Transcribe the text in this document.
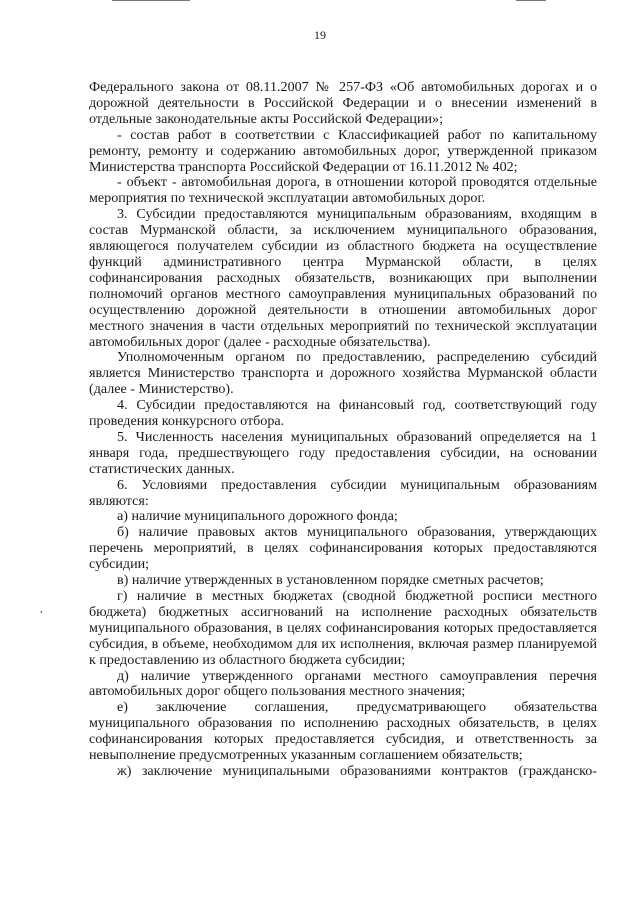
19
,

Федерального закона от 08.11.2007 № 257-ФЗ «Об автомобильных дорогах и о дорожной деятельности в Российской Федерации и о внесении изменений в отдельные законодательные акты Российской Федерации»;

- состав работ в соответствии с Классификацией работ по капитальному ремонту, ремонту и содержанию автомобильных дорог, утвержденной приказом Министерства транспорта Российской Федерации от 16.11.2012 № 402;

- объект - автомобильная дорога, в отношении которой проводятся отдельные мероприятия по технической эксплуатации автомобильных дорог.

3. Субсидии предоставляются муниципальным образованиям, входящим в состав Мурманской области, за исключением муниципального образования, являющегося получателем субсидии из областного бюджета на осуществление функций административного центра Мурманской области, в целях софинансирования расходных обязательств, возникающих при выполнении полномочий органов местного самоуправления муниципальных образований по осуществлению дорожной деятельности в отношении автомобильных дорог местного значения в части отдельных мероприятий по технической эксплуатации автомобильных дорог (далее - расходные обязательства).

Уполномоченным органом по предоставлению, распределению субсидий является Министерство транспорта и дорожного хозяйства Мурманской области (далее - Министерство).

4. Субсидии предоставляются на финансовый год, соответствующий году проведения конкурсного отбора.

5. Численность населения муниципальных образований определяется на 1 января года, предшествующего году предоставления субсидии, на основании статистических данных.

6. Условиями предоставления субсидии муниципальным образованиям являются:

а) наличие муниципального дорожного фонда;

б) наличие правовых актов муниципального образования, утверждающих перечень мероприятий, в целях софинансирования которых предоставляются субсидии;

в) наличие утвержденных в установленном порядке сметных расчетов;

г) наличие в местных бюджетах (сводной бюджетной росписи местного бюджета) бюджетных ассигнований на исполнение расходных обязательств муниципального образования, в целях софинансирования которых предоставляется субсидия, в объеме, необходимом для их исполнения, включая размер планируемой к предоставлению из областного бюджета субсидии;

д) наличие утвержденного органами местного самоуправления перечня автомобильных дорог общего пользования местного значения;

е) заключение соглашения, предусматривающего обязательства муниципального образования по исполнению расходных обязательств, в целях софинансирования которых предоставляется субсидия, и ответственность за невыполнение предусмотренных указанным соглашением обязательств;

ж) заключение муниципальными образованиями контрактов (гражданско-
